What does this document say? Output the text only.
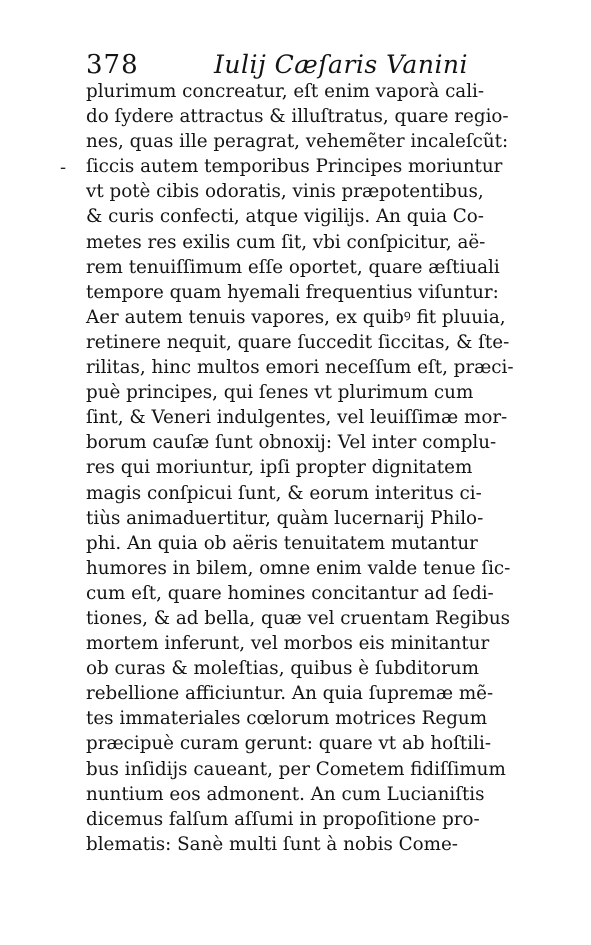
378	Iulij Cæſaris Vanini
-
plurimum concreatur, eſt enim vaporà cali-
do ſydere attractus & illuſtratus, quare regio-
nes, quas ille peragrat, vehemẽter incaleſcũt:
ſiccis autem temporibus Principes moriuntur
vt potè cibis odoratis, vinis præpotentibus,
& curis confecti, atque vigilijs. An quia Co-
metes res exilis cum ſit, vbi conſpicitur, aë-
rem tenuiſſimum eſſe oportet, quare æſtiuali
tempore quam hyemali frequentius viſuntur:
Aer autem tenuis vapores, ex quibꝰ fit pluuia,
retinere nequit, quare ſuccedit ſiccitas, & ſte-
rilitas, hinc multos emori neceſſum eſt, præci-
puè principes, qui ſenes vt plurimum cum
ſint, & Veneri indulgentes, vel leuiſſimæ mor-
borum cauſæ ſunt obnoxij: Vel inter complu-
res qui moriuntur, ipſi propter dignitatem
magis conſpicui ſunt, & eorum interitus ci-
tiùs animaduertitur, quàm lucernarij Philo-
phi. An quia ob aëris tenuitatem mutantur
humores in bilem, omne enim valde tenue ſic-
cum eſt, quare homines concitantur ad ſedi-
tiones, & ad bella, quæ vel cruentam Regibus
mortem inferunt, vel morbos eis minitantur
ob curas & moleſtias, quibus è ſubditorum
rebellione afficiuntur. An quia ſupremæ mẽ-
tes immateriales cœlorum motrices Regum
præcipuè curam gerunt: quare vt ab hoſtili-
bus inſidijs caueant, per Cometem fidiſſimum
nuntium eos admonent. An cum Lucianiſtis
dicemus falſum aſſumi in propoſitione pro-
blematis: Sanè multi ſunt à nobis Come-
